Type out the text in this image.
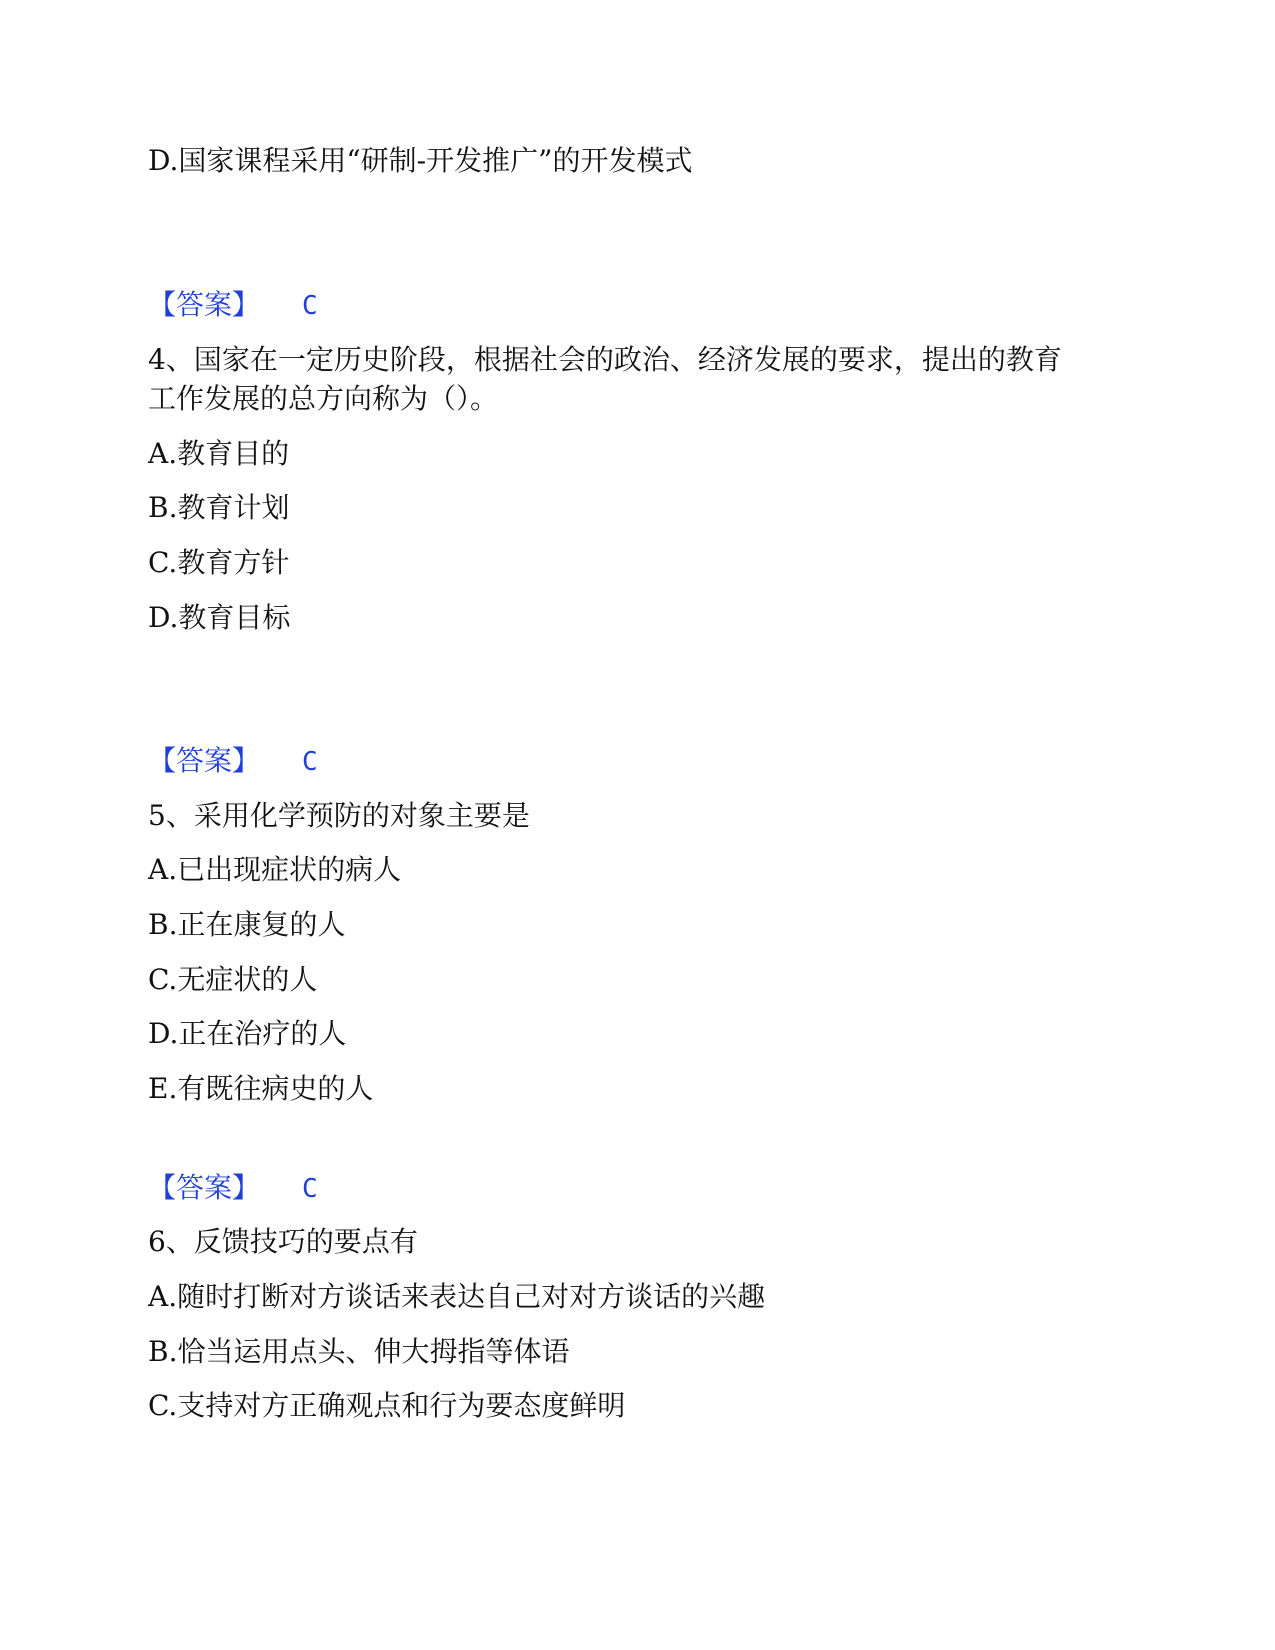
D.国家课程采用“研制-开发推广”的开发模式
【答案】 C
4、国家在一定历史阶段，根据社会的政治、经济发展的要求，提出的教育
工作发展的总方向称为（）。
A.教育目的
B.教育计划
C.教育方针
D.教育目标
【答案】 C
5、采用化学预防的对象主要是
A.已出现症状的病人
B.正在康复的人
C.无症状的人
D.正在治疗的人
E.有既往病史的人
【答案】 C
6、反馈技巧的要点有
A.随时打断对方谈话来表达自己对对方谈话的兴趣
B.恰当运用点头、伸大拇指等体语
C.支持对方正确观点和行为要态度鲜明
